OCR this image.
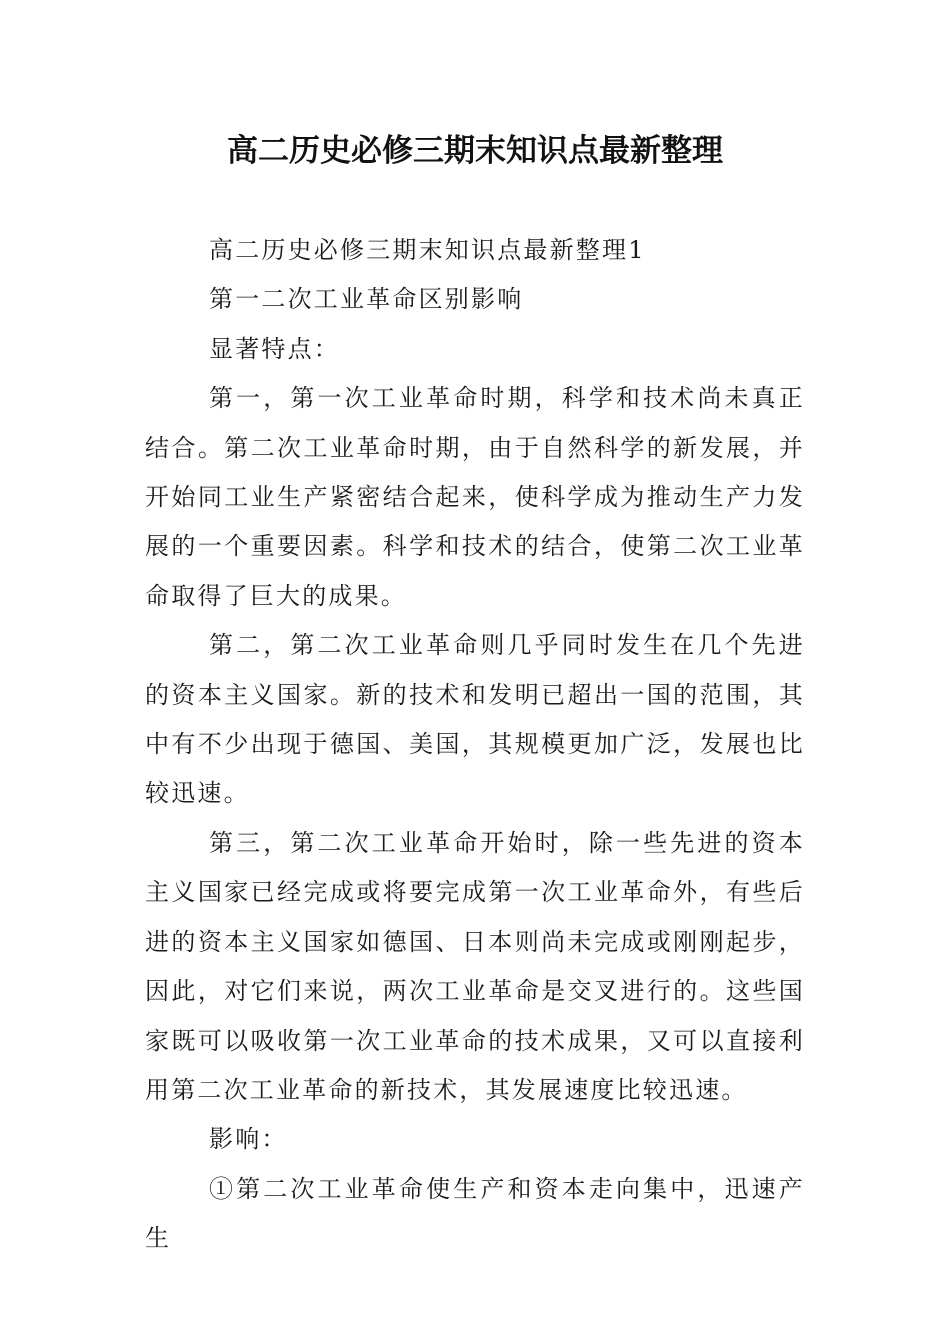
高二历史必修三期末知识点最新整理

高二历史必修三期末知识点最新整理1

第一二次工业革命区别影响

显著特点：

第一，第一次工业革命时期，科学和技术尚未真正结合。第二次工业革命时期，由于自然科学的新发展，并开始同工业生产紧密结合起来，使科学成为推动生产力发展的一个重要因素。科学和技术的结合，使第二次工业革命取得了巨大的成果。

第二，第二次工业革命则几乎同时发生在几个先进的资本主义国家。新的技术和发明已超出一国的范围，其中有不少出现于德国、美国，其规模更加广泛，发展也比较迅速。

第三，第二次工业革命开始时，除一些先进的资本主义国家已经完成或将要完成第一次工业革命外，有些后进的资本主义国家如德国、日本则尚未完成或刚刚起步，因此，对它们来说，两次工业革命是交叉进行的。这些国家既可以吸收第一次工业革命的技术成果，又可以直接利用第二次工业革命的新技术，其发展速度比较迅速。

影响：

①第二次工业革命使生产和资本走向集中，迅速产生
